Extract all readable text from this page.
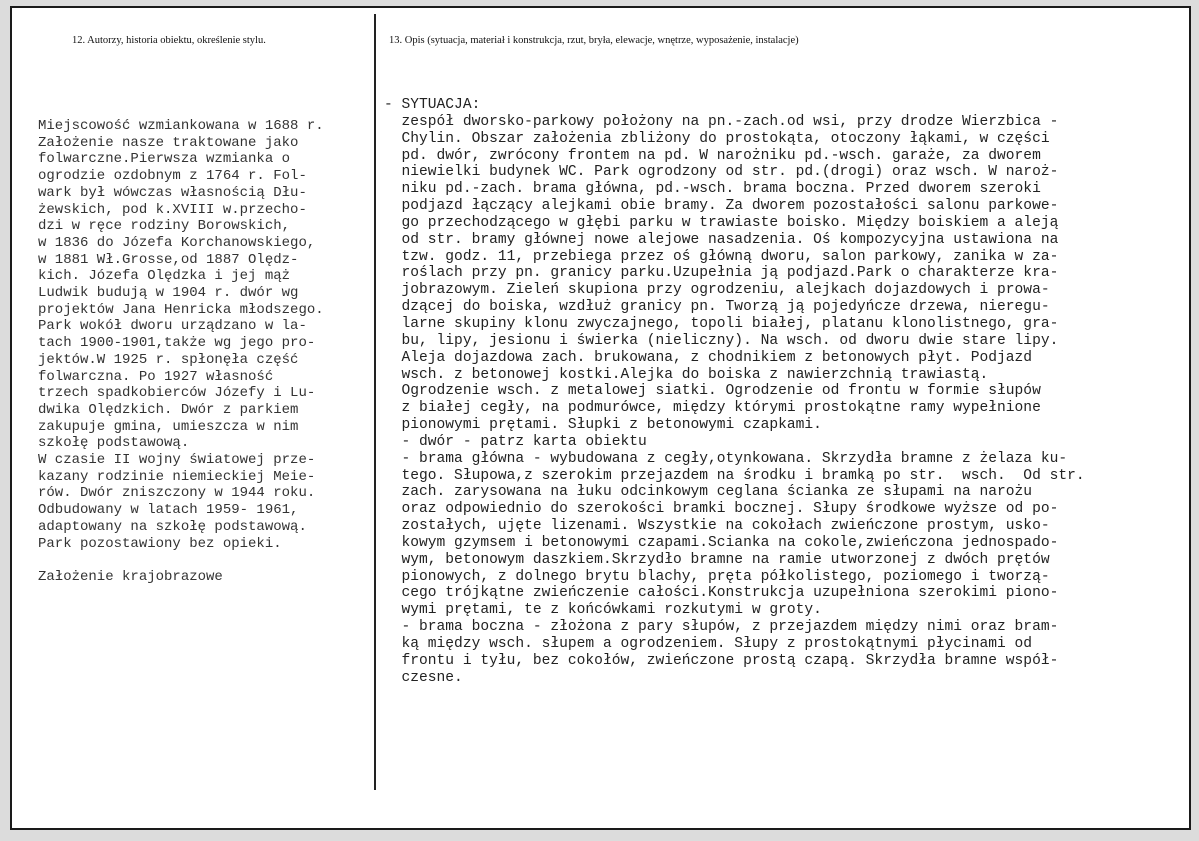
12. Autorzy, historia obiektu, określenie stylu.	13. Opis (sytuacja, materiał i konstrukcja, rzut, bryła, elewacje, wnętrze, wyposażenie, instalacje)
Miejscowość wzmiankowana w 1688 r.
Założenie nasze traktowane jako
folwarczne.Pierwsza wzmianka o
ogrodzie ozdobnym z 1764 r. Fol-
wark był wówczas własnością Dłu-
żewskich, pod k.XVIII w.przecho-
dzi w ręce rodziny Borowskich,
w 1836 do Józefa Korchanowskiego,
w 1881 Wł.Grosse,od 1887 Olędz-
kich. Józefa Olędzka i jej mąż
Ludwik budują w 1904 r. dwór wg
projektów Jana Henricka młodszego.
Park wokół dworu urządzano w la-
tach 1900-1901,także wg jego pro-
jektów.W 1925 r. spłonęła część
folwarczna. Po 1927 własność
trzech spadkobierców Józefy i Lu-
dwika Olędzkich. Dwór z parkiem
zakupuje gmina, umieszcza w nim
szkołę podstawową.
W czasie II wojny światowej prze-
kazany rodzinie niemieckiej Meie-
rów. Dwór zniszczony w 1944 roku.
Odbudowany w latach 1959- 1961,
adaptowany na szkołę podstawową.
Park pozostawiony bez opieki.
Założenie krajobrazowe
- SYTUACJA:
zespół dworsko-parkowy położony na pn.-zach.od wsi, przy drodze Wierzbica -
Chylin. Obszar założenia zbliżony do prostokąta, otoczony łąkami, w części
pd. dwór, zwrócony frontem na pd. W narożniku pd.-wsch. garaże, za dworem
niewielki budynek WC. Park ogrodzony od str. pd.(drogi) oraz wsch. W naroż-
niku pd.-zach. brama główna, pd.-wsch. brama boczna. Przed dworem szeroki
podjazd łączący alejkami obie bramy. Za dworem pozostałości salonu parkowe-
go przechodzącego w głębi parku w trawiaste boisko. Między boiskiem a aleją
od str. bramy głównej nowe alejowe nasadzenia. Oś kompozycyjna ustawiona na
tzw. godz. 11, przebiega przez oś główną dworu, salon parkowy, zanika w za-
roślach przy pn. granicy parku.Uzupełnia ją podjazd.Park o charakterze kra-
jobrazowym. Zieleń skupiona przy ogrodzeniu, alejkach dojazdowych i prowa-
dzącej do boiska, wzdłuż granicy pn. Tworzą ją pojedyńcze drzewa, nieregu-
larne skupiny klonu zwyczajnego, topoli białej, platanu klonolistnego, gra-
bu, lipy, jesionu i świerka (nieliczny). Na wsch. od dworu dwie stare lipy.
Aleja dojazdowa zach. brukowana, z chodnikiem z betonowych płyt. Podjazd
wsch. z betonowej kostki.Alejka do boiska z nawierzchnią trawiastą.
Ogrodzenie wsch. z metalowej siatki. Ogrodzenie od frontu w formie słupów
z białej cegły, na podmurówce, między którymi prostokątne ramy wypełnione
pionowymi prętami. Słupki z betonowymi czapkami.
- dwór - patrz karta obiektu
- brama główna - wybudowana z cegły,otynkowana. Skrzydła bramne z żelaza ku-
tego. Słupowa,z szerokim przejazdem na środku i bramką po str.  wsch.  Od str.
zach. zarysowana na łuku odcinkowym ceglana ścianka ze słupami na narożu
oraz odpowiednio do szerokości bramki bocznej. Słupy środkowe wyższe od po-
zostałych, ujęte lizenami. Wszystkie na cokołach zwieńczone prostym, usko-
kowym gzymsem i betonowymi czapami.Scianka na cokole,zwieńczona jednospado-
wym, betonowym daszkiem.Skrzydło bramne na ramie utworzonej z dwóch prętów
pionowych, z dolnego brytu blachy, pręta półkolistego, poziomego i tworzą-
cego trójkątne zwieńczenie całości.Konstrukcja uzupełniona szerokimi piono-
wymi prętami, te z końcówkami rozkutymi w groty.
- brama boczna - złożona z pary słupów, z przejazdem między nimi oraz bram-
ką między wsch. słupem a ogrodzeniem. Słupy z prostokątnymi płycinami od
frontu i tyłu, bez cokołów, zwieńczone prostą czapą. Skrzydła bramne współ-
czesne.
